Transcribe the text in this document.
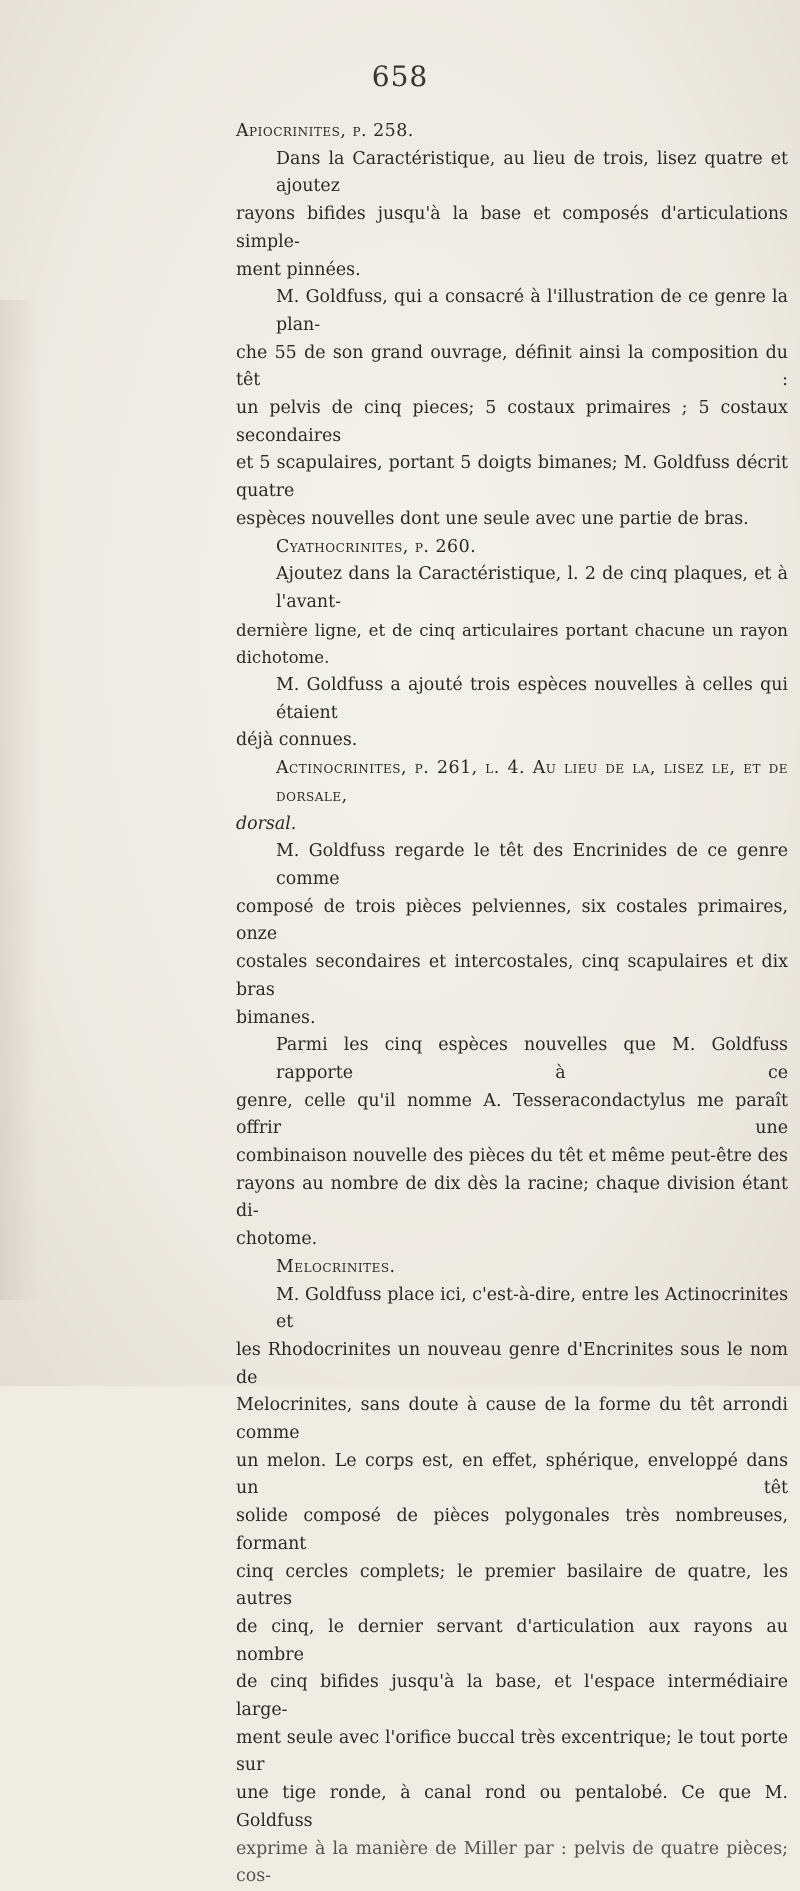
658

Apiocrinites, p. 258.

Dans la Caractéristique, au lieu de trois, lisez quatre et ajoutez

rayons bifides jusqu'à la base et composés d'articulations simple-

ment pinnées.

M. Goldfuss, qui a consacré à l'illustration de ce genre la plan-

che 55 de son grand ouvrage, définit ainsi la composition du têt :

un pelvis de cinq pieces; 5 costaux primaires ; 5 costaux secondaires

et 5 scapulaires, portant 5 doigts bimanes; M. Goldfuss décrit quatre

espèces nouvelles dont une seule avec une partie de bras.

Cyathocrinites, p. 260.

Ajoutez dans la Caractéristique, l. 2 de cinq plaques, et à l'avant-

dernière ligne, et de cinq articulaires portant chacune un rayon dichotome.

M. Goldfuss a ajouté trois espèces nouvelles à celles qui étaient

déjà connues.

Actinocrinites, p. 261, l. 4. Au lieu de la, lisez le, et de dorsale,

dorsal.

M. Goldfuss regarde le têt des Encrinides de ce genre comme

composé de trois pièces pelviennes, six costales primaires, onze

costales secondaires et intercostales, cinq scapulaires et dix bras

bimanes.

Parmi les cinq espèces nouvelles que M. Goldfuss rapporte à ce

genre, celle qu'il nomme A. Tesseracondactylus me paraît offrir une

combinaison nouvelle des pièces du têt et même peut-être des

rayons au nombre de dix dès la racine; chaque division étant di-

chotome.

Melocrinites.

M. Goldfuss place ici, c'est-à-dire, entre les Actinocrinites et

les Rhodocrinites un nouveau genre d'Encrinites sous le nom de

Melocrinites, sans doute à cause de la forme du têt arrondi comme

un melon. Le corps est, en effet, sphérique, enveloppé dans un têt

solide composé de pièces polygonales très nombreuses, formant

cinq cercles complets; le premier basilaire de quatre, les autres

de cinq, le dernier servant d'articulation aux rayons au nombre

de cinq bifides jusqu'à la base, et l'espace intermédiaire large-

ment seule avec l'orifice buccal très excentrique; le tout porte sur

une tige ronde, à canal rond ou pentalobé. Ce que M. Goldfuss

exprime à la manière de Miller par : pelvis de quatre pièces; cos-
